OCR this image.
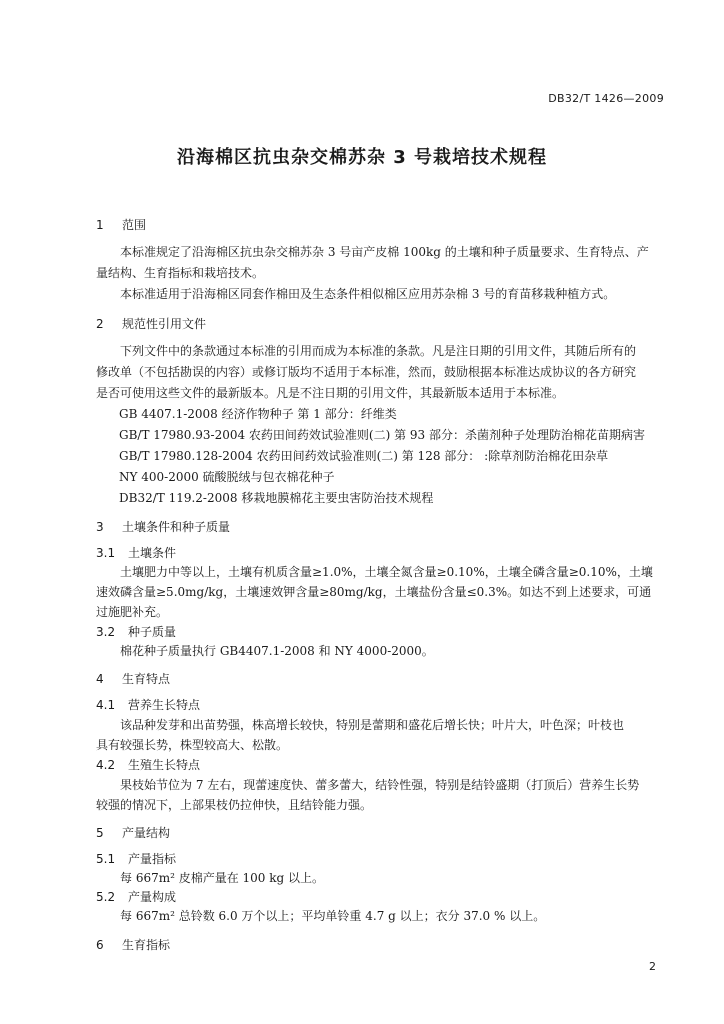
DB32/T 1426—2009
沿海棉区抗虫杂交棉苏杂 3 号栽培技术规程
1 范围
本标准规定了沿海棉区抗虫杂交棉苏杂 3 号亩产皮棉 100kg 的土壤和种子质量要求、生育特点、产
量结构、生育指标和栽培技术。
本标准适用于沿海棉区同套作棉田及生态条件相似棉区应用苏杂棉 3 号的育苗移栽种植方式。
2 规范性引用文件
下列文件中的条款通过本标准的引用而成为本标准的条款。凡是注日期的引用文件，其随后所有的
修改单（不包括勘误的内容）或修订版均不适用于本标准，然而，鼓励根据本标准达成协议的各方研究
是否可使用这些文件的最新版本。凡是不注日期的引用文件，其最新版本适用于本标准。
GB 4407.1-2008 经济作物种子 第 1 部分：纤维类
GB/T 17980.93-2004 农药田间药效试验准则(二) 第 93 部分：杀菌剂种子处理防治棉花苗期病害
GB/T 17980.128-2004 农药田间药效试验准则(二) 第 128 部分： :除草剂防治棉花田杂草
NY 400-2000 硫酸脱绒与包衣棉花种子
DB32/T 119.2-2008 移栽地膜棉花主要虫害防治技术规程
3 土壤条件和种子质量
3.1 土壤条件
土壤肥力中等以上，土壤有机质含量≥1.0%，土壤全氮含量≥0.10%，土壤全磷含量≥0.10%，土壤
速效磷含量≥5.0mg/kg，土壤速效钾含量≥80mg/kg，土壤盐份含量≤0.3%。如达不到上述要求，可通
过施肥补充。
3.2 种子质量
棉花种子质量执行 GB4407.1-2008 和 NY 4000-2000。
4 生育特点
4.1 营养生长特点
该品种发芽和出苗势强，株高增长较快，特别是蕾期和盛花后增长快；叶片大，叶色深；叶枝也
具有较强长势，株型较高大、松散。
4.2 生殖生长特点
果枝始节位为 7 左右，现蕾速度快、蕾多蕾大，结铃性强，特别是结铃盛期（打顶后）营养生长势
较强的情况下，上部果枝仍拉伸快，且结铃能力强。
5 产量结构
5.1 产量指标
每 667m² 皮棉产量在 100 kg 以上。
5.2 产量构成
每 667m² 总铃数 6.0 万个以上；平均单铃重 4.7 g 以上；衣分 37.0 % 以上。
6 生育指标
2
